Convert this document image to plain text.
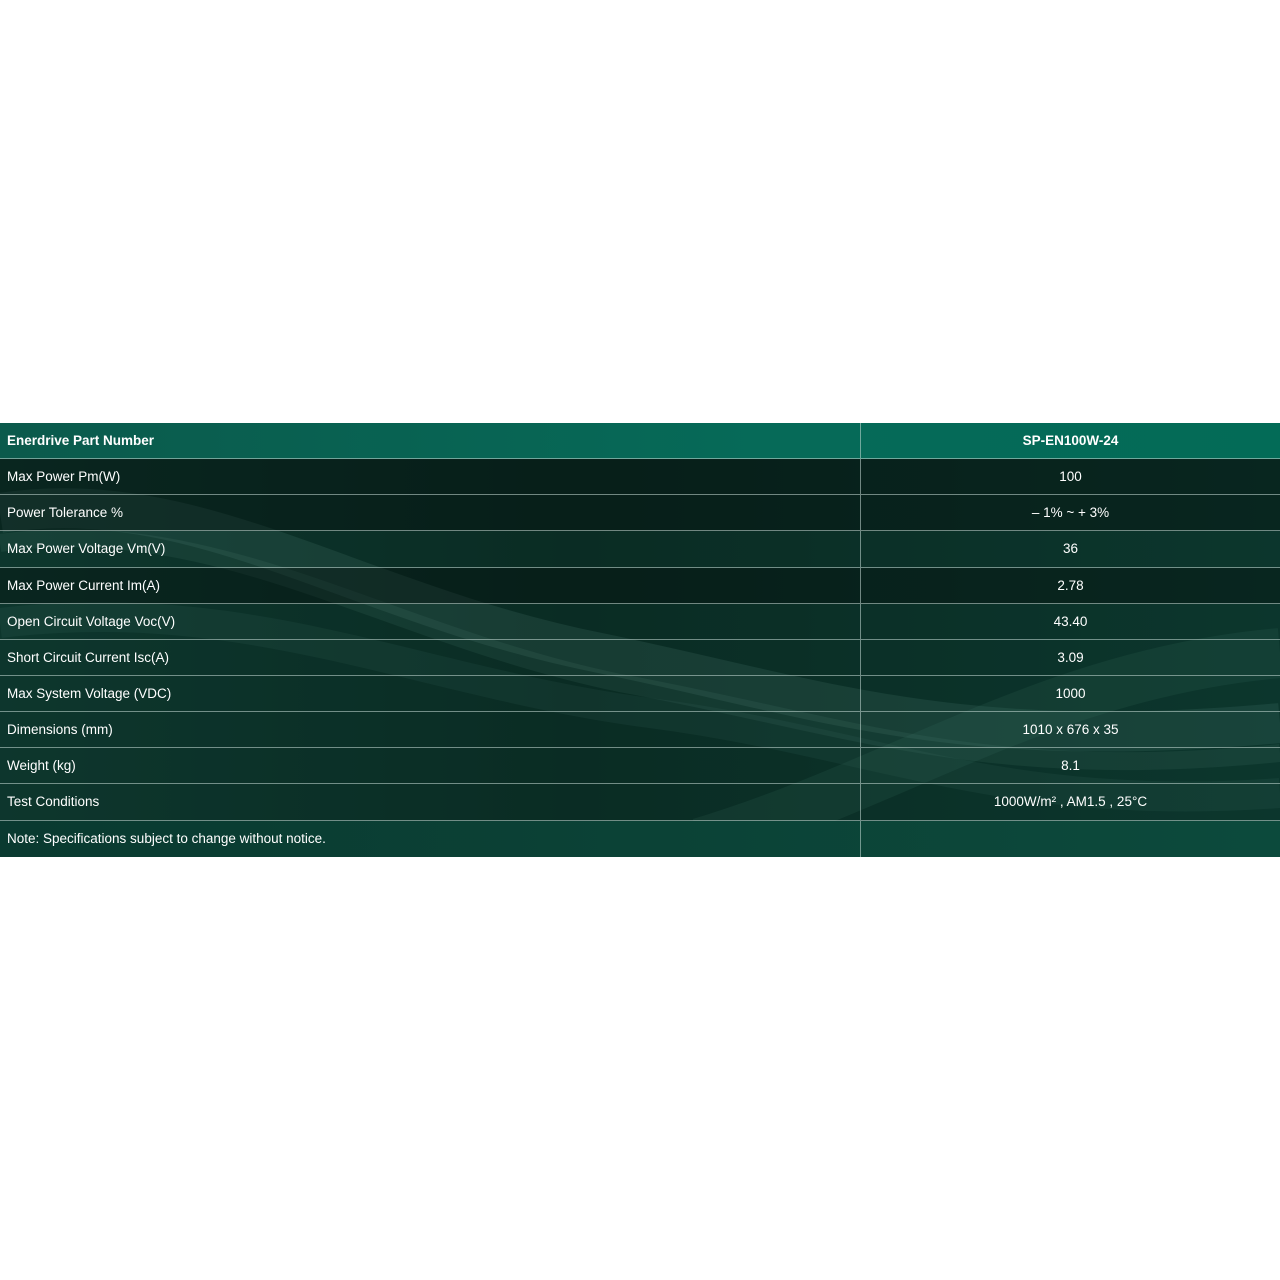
Enerdrive Part Number	SP-EN100W-24
Max Power Pm(W)	100
Power Tolerance %	– 1% ~ + 3%
Max Power Voltage Vm(V)	36
Max Power Current Im(A)	2.78
Open Circuit Voltage Voc(V)	43.40
Short Circuit Current Isc(A)	3.09
Max System Voltage (VDC)	1000
Dimensions (mm)	1010 x 676 x 35
Weight (kg)	8.1
Test Conditions	1000W/m² , AM1.5 , 25°C
Note: Specifications subject to change without notice.
